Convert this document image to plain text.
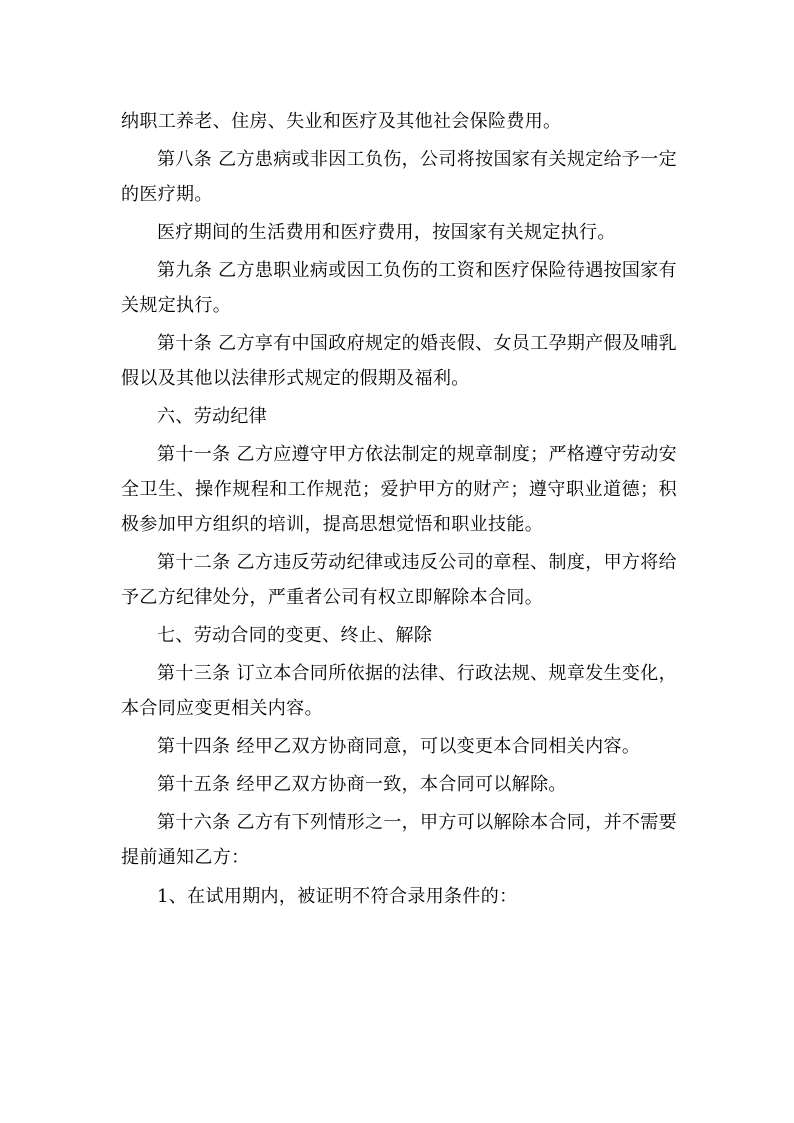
纳职工养老、住房、失业和医疗及其他社会保险费用。

第八条 乙方患病或非因工负伤，公司将按国家有关规定给予一定的医疗期。

医疗期间的生活费用和医疗费用，按国家有关规定执行。

第九条 乙方患职业病或因工负伤的工资和医疗保险待遇按国家有关规定执行。

第十条 乙方享有中国政府规定的婚丧假、女员工孕期产假及哺乳假以及其他以法律形式规定的假期及福利。

六、劳动纪律

第十一条 乙方应遵守甲方依法制定的规章制度；严格遵守劳动安全卫生、操作规程和工作规范；爱护甲方的财产；遵守职业道德；积极参加甲方组织的培训，提高思想觉悟和职业技能。

第十二条 乙方违反劳动纪律或违反公司的章程、制度，甲方将给予乙方纪律处分，严重者公司有权立即解除本合同。

七、劳动合同的变更、终止、解除

第十三条 订立本合同所依据的法律、行政法规、规章发生变化，本合同应变更相关内容。

第十四条 经甲乙双方协商同意，可以变更本合同相关内容。

第十五条 经甲乙双方协商一致，本合同可以解除。

第十六条 乙方有下列情形之一，甲方可以解除本合同，并不需要提前通知乙方：

1、在试用期内，被证明不符合录用条件的：
